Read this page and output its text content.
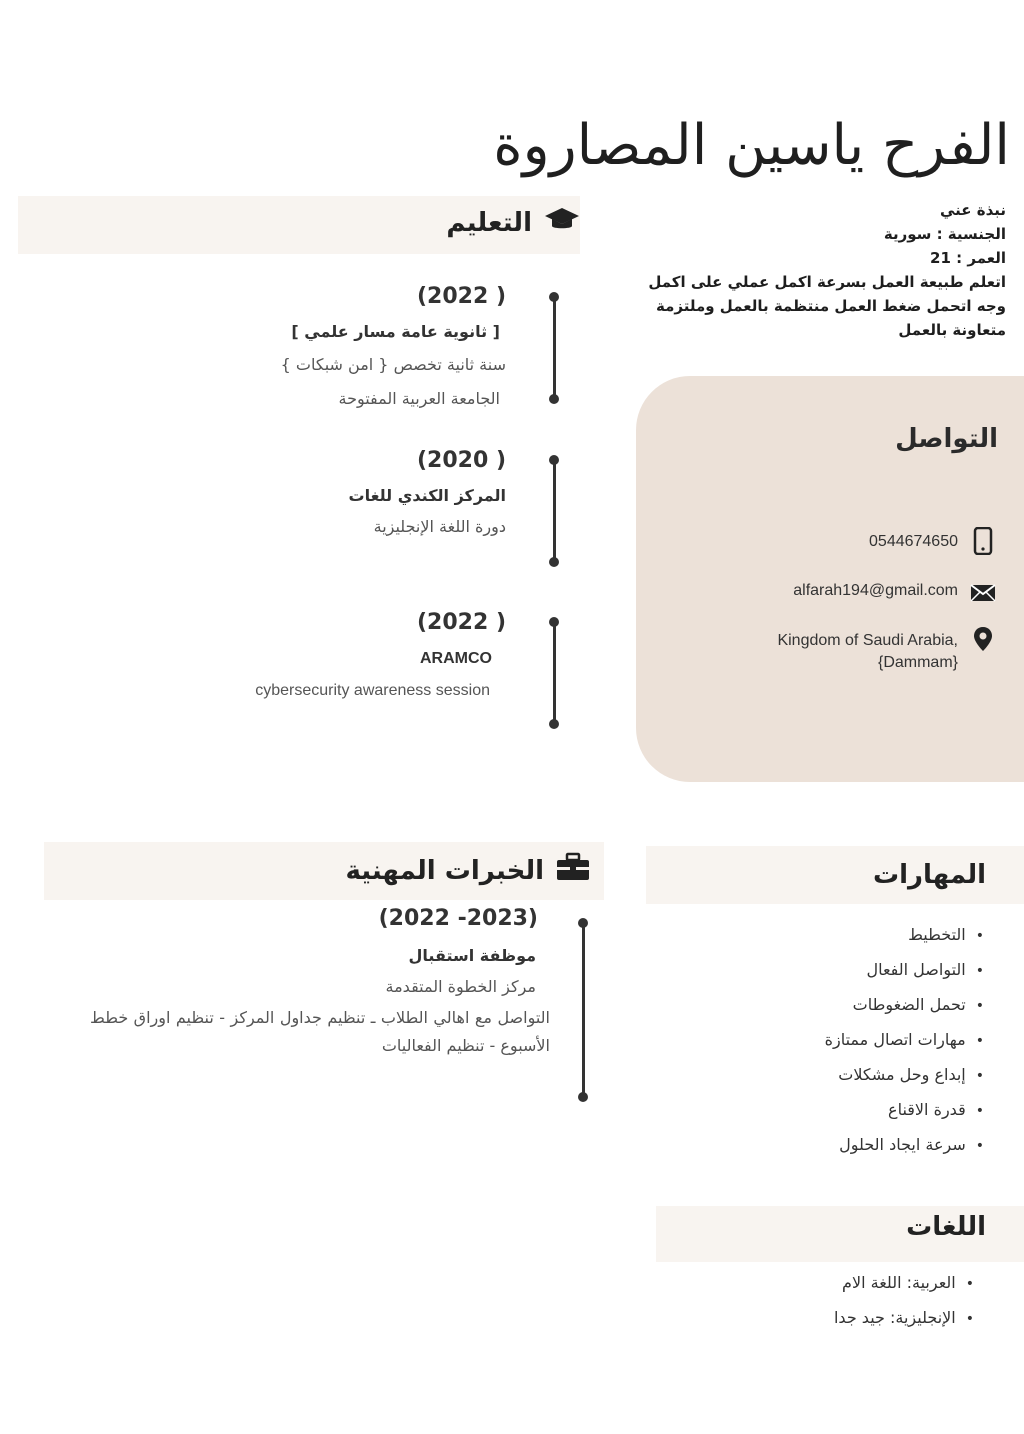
الفرح ياسين المصاروة
نبذة عني
الجنسية : سورية
العمر : 21
اتعلم طبيعة العمل بسرعة اكمل عملي على اكمل وجه اتحمل ضغط العمل منتظمة بالعمل وملتزمة متعاونة بالعمل
التواصل
0544674650
alfarah194@gmail.com
Kingdom of Saudi Arabia,
{Dammam}
التعليم
(2022 )
[ ثانوية عامة مسار علمي ]
سنة ثانية تخصص { امن شبكات }
الجامعة العربية المفتوحة
(2020 )
المركز الكندي للغات
دورة اللغة الإنجليزية
(2022 )
ARAMCO
cybersecurity awareness session
الخبرات المهنية
(2022 -2023)
موظفة استقبال
مركز الخطوة المتقدمة
التواصل مع اهالي الطلاب ـ تنظيم جداول المركز - تنظيم اوراق خطط الأسبوع - تنظيم الفعاليات
المهارات
• التخطيط
• التواصل الفعال
• تحمل الضغوطات
• مهارات اتصال ممتازة
• إبداع وحل مشكلات
• قدرة الاقناع
• سرعة ايجاد الحلول
اللغات
• العربية: اللغة الام
• الإنجليزية: جيد جدا
